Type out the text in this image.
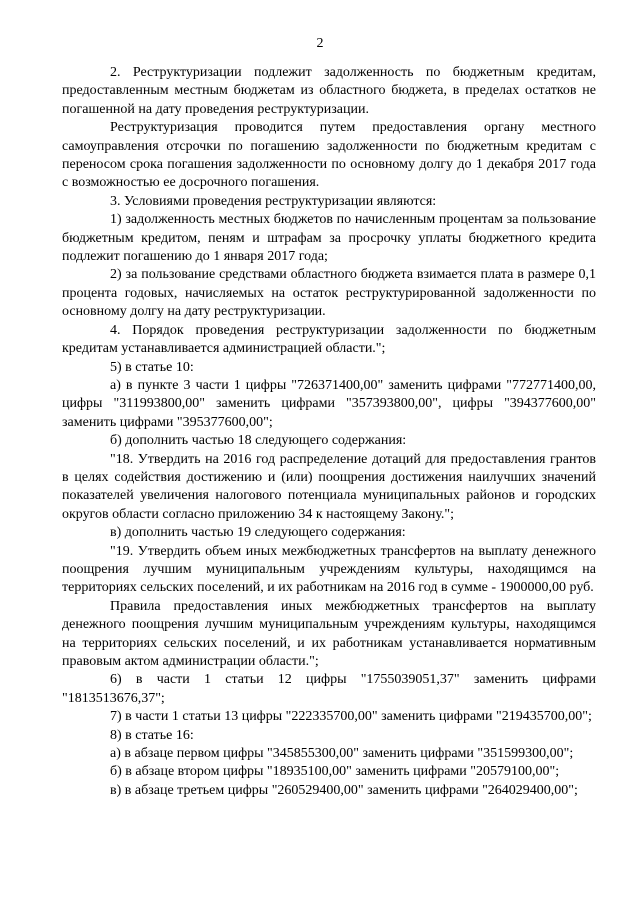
2

2. Реструктуризации подлежит задолженность по бюджетным кредитам, предоставленным местным бюджетам из областного бюджета, в пределах остатков не погашенной на дату проведения реструктуризации.

Реструктуризация проводится путем предоставления органу местного самоуправления отсрочки по погашению задолженности по бюджетным кредитам с переносом срока погашения задолженности по основному долгу до 1 декабря 2017 года с возможностью ее досрочного погашения.

3. Условиями проведения реструктуризации являются:

1) задолженность местных бюджетов по начисленным процентам за пользование бюджетным кредитом, пеням и штрафам за просрочку уплаты бюджетного кредита подлежит погашению до 1 января 2017 года;

2) за пользование средствами областного бюджета взимается плата в размере 0,1 процента годовых, начисляемых на остаток реструктурированной задолженности по основному долгу на дату реструктуризации.

4. Порядок проведения реструктуризации задолженности по бюджетным кредитам устанавливается администрацией области.";

5) в статье 10:

а) в пункте 3 части 1 цифры "726371400,00" заменить цифрами "772771400,00, цифры "311993800,00" заменить цифрами "357393800,00", цифры "394377600,00" заменить цифрами "395377600,00";

б) дополнить частью 18 следующего содержания:

"18. Утвердить на 2016 год распределение дотаций для предоставления грантов в целях содействия достижению и (или) поощрения достижения наилучших значений показателей увеличения налогового потенциала муниципальных районов и городских округов области согласно приложению 34 к настоящему Закону.";

в) дополнить частью 19 следующего содержания:

"19. Утвердить объем иных межбюджетных трансфертов на выплату денежного поощрения лучшим муниципальным учреждениям культуры, находящимся на территориях сельских поселений, и их работникам на 2016 год в сумме - 1900000,00 руб.

Правила предоставления иных межбюджетных трансфертов на выплату денежного поощрения лучшим муниципальным учреждениям культуры, находящимся на территориях сельских поселений, и их работникам устанавливается нормативным правовым актом администрации области.";

6) в части 1 статьи 12 цифры "1755039051,37" заменить цифрами "1813513676,37";

7) в части 1 статьи 13 цифры "222335700,00" заменить цифрами "219435700,00";

8) в статье 16:

а) в абзаце первом цифры "345855300,00" заменить цифрами "351599300,00";

б) в абзаце втором цифры "18935100,00" заменить цифрами "20579100,00";

в) в абзаце третьем цифры "260529400,00" заменить цифрами "264029400,00";
